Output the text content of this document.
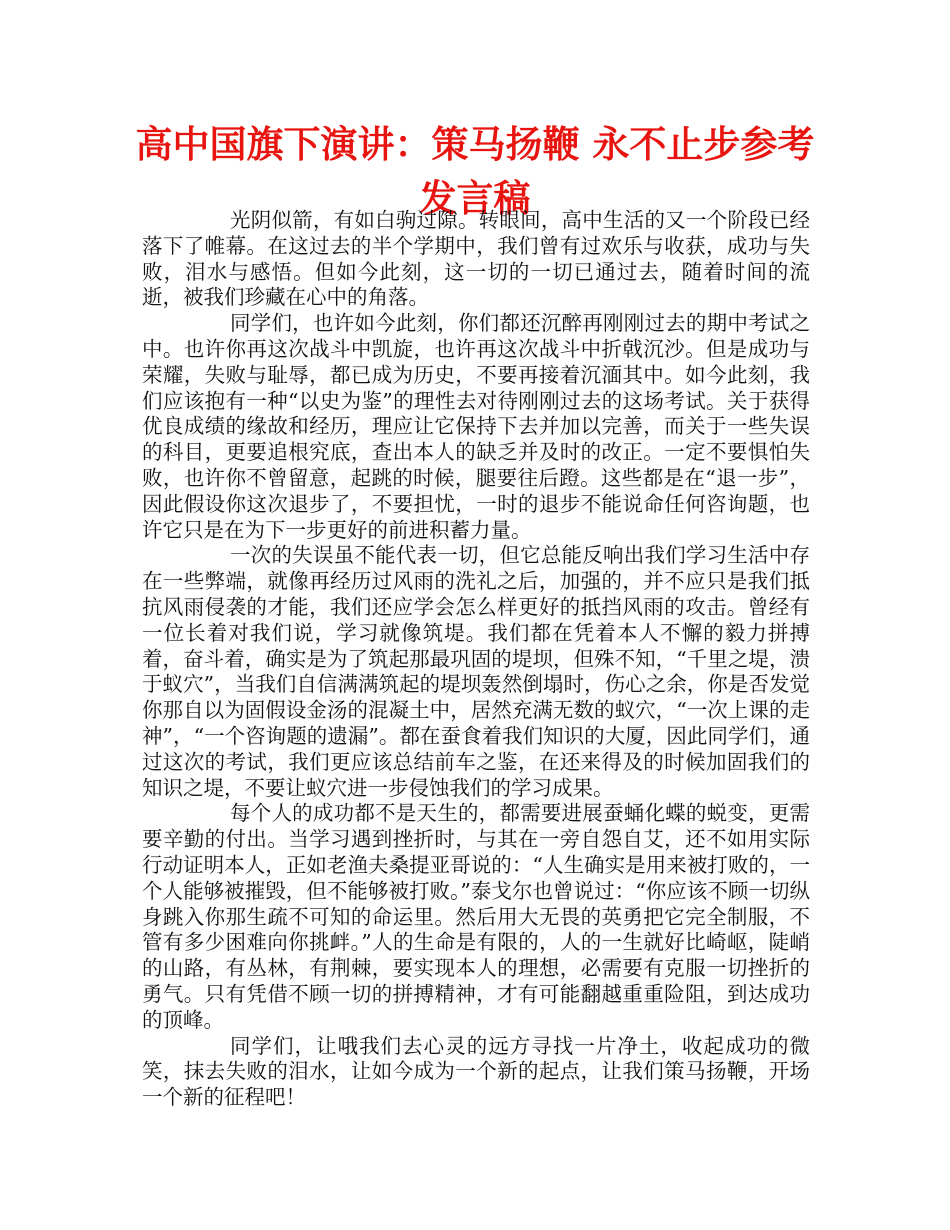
高中国旗下演讲：策马扬鞭 永不止步参考发言稿

光阴似箭，有如白驹过隙。转眼间，高中生活的又一个阶段已经落下了帷幕。在这过去的半个学期中，我们曾有过欢乐与收获，成功与失败，泪水与感悟。但如今此刻，这一切的一切已通过去，随着时间的流逝，被我们珍藏在心中的角落。

同学们，也许如今此刻，你们都还沉醉再刚刚过去的期中考试之中。也许你再这次战斗中凯旋，也许再这次战斗中折戟沉沙。但是成功与荣耀，失败与耻辱，都已成为历史，不要再接着沉湎其中。如今此刻，我们应该抱有一种“以史为鉴”的理性去对待刚刚过去的这场考试。关于获得优良成绩的缘故和经历，理应让它保持下去并加以完善，而关于一些失误的科目，更要追根究底，查出本人的缺乏并及时的改正。一定不要惧怕失败，也许你不曾留意，起跳的时候，腿要往后蹬。这些都是在“退一步”，因此假设你这次退步了，不要担忧，一时的退步不能说命任何咨询题，也许它只是在为下一步更好的前进积蓄力量。

一次的失误虽不能代表一切，但它总能反响出我们学习生活中存在一些弊端，就像再经历过风雨的洗礼之后，加强的，并不应只是我们抵抗风雨侵袭的才能，我们还应学会怎么样更好的抵挡风雨的攻击。曾经有一位长着对我们说，学习就像筑堤。我们都在凭着本人不懈的毅力拼搏着，奋斗着，确实是为了筑起那最巩固的堤坝，但殊不知，“千里之堤，溃于蚁穴”，当我们自信满满筑起的堤坝轰然倒塌时，伤心之余，你是否发觉你那自以为固假设金汤的混凝土中，居然充满无数的蚁穴，“一次上课的走神”，“一个咨询题的遗漏”。都在蚕食着我们知识的大厦，因此同学们，通过这次的考试，我们更应该总结前车之鉴，在还来得及的时候加固我们的知识之堤，不要让蚁穴进一步侵蚀我们的学习成果。

每个人的成功都不是天生的，都需要进展蚕蛹化蝶的蜕变，更需要辛勤的付出。当学习遇到挫折时，与其在一旁自怨自艾，还不如用实际行动证明本人，正如老渔夫桑提亚哥说的：“人生确实是用来被打败的，一个人能够被摧毁，但不能够被打败。”泰戈尔也曾说过：“你应该不顾一切纵身跳入你那生疏不可知的命运里。然后用大无畏的英勇把它完全制服，不管有多少困难向你挑衅。”人的生命是有限的，人的一生就好比崎岖，陡峭的山路，有丛林，有荆棘，要实现本人的理想，必需要有克服一切挫折的勇气。只有凭借不顾一切的拼搏精神，才有可能翻越重重险阻，到达成功的顶峰。

同学们，让哦我们去心灵的远方寻找一片净土，收起成功的微笑，抹去失败的泪水，让如今成为一个新的起点，让我们策马扬鞭，开场一个新的征程吧！
